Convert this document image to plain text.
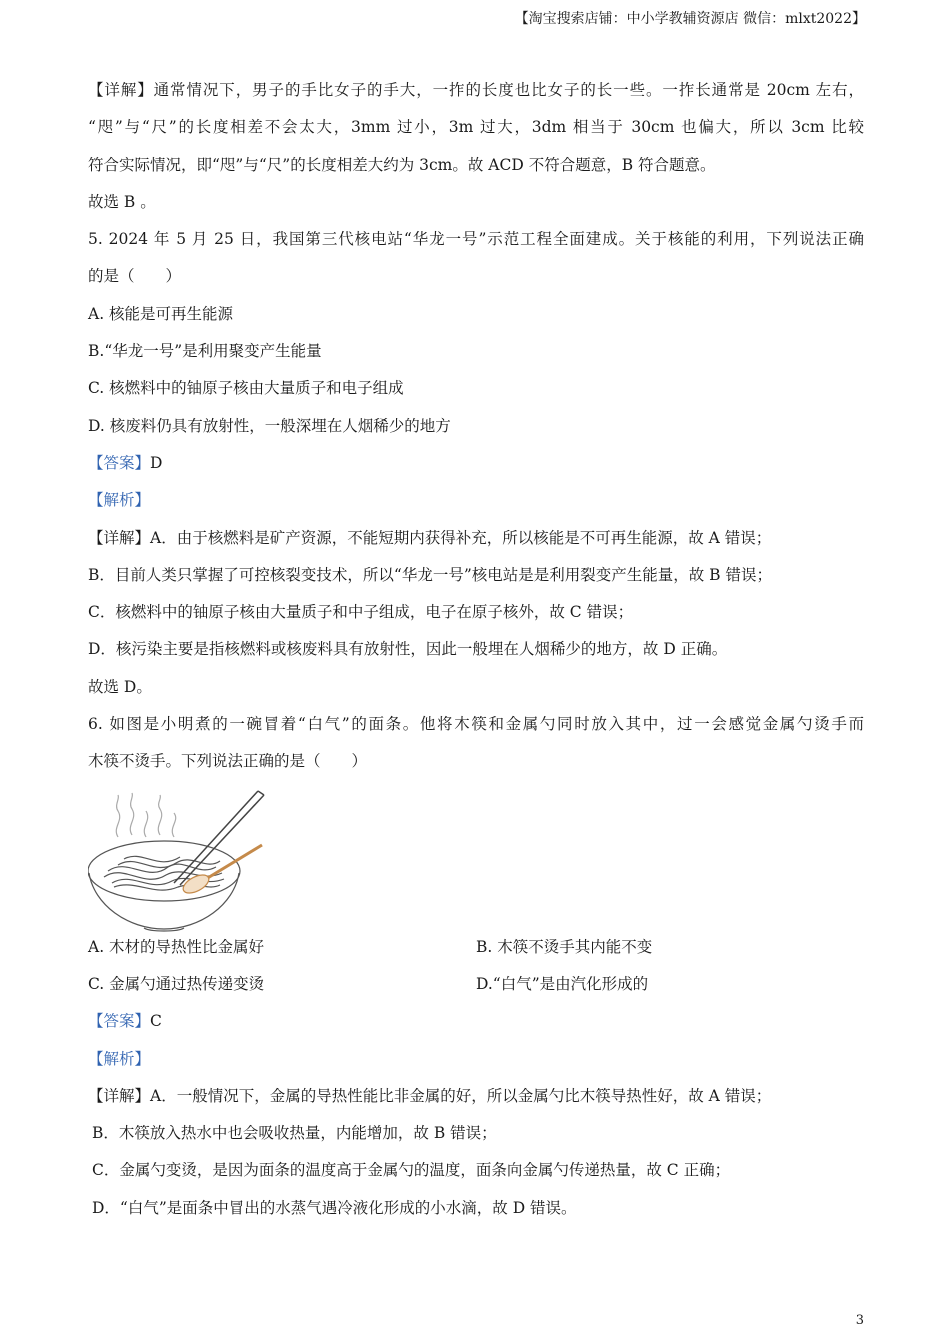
【淘宝搜索店铺：中小学教辅资源店 微信：mlxt2022】
【详解】通常情况下，男子的手比女子的手大，一拃的长度也比女子的长一些。一拃长通常是 20cm 左右，
“咫”与“尺”的长度相差不会太大，3mm 过小，3m 过大，3dm 相当于 30cm 也偏大，所以 3cm 比较
符合实际情况，即“咫”与“尺”的长度相差大约为 3cm。故 ACD 不符合题意，B 符合题意。
故选 B 。
5. 2024 年 5 月 25 日，我国第三代核电站“华龙一号”示范工程全面建成。关于核能的利用，下列说法正确
的是（　　）
A. 核能是可再生能源
B.“华龙一号”是利用聚变产生能量
C. 核燃料中的铀原子核由大量质子和电子组成
D. 核废料仍具有放射性，一般深埋在人烟稀少的地方
【答案】D
【解析】
【详解】A．由于核燃料是矿产资源，不能短期内获得补充，所以核能是不可再生能源，故 A 错误；
B．目前人类只掌握了可控核裂变技术，所以“华龙一号”核电站是是利用裂变产生能量，故 B 错误；
C．核燃料中的铀原子核由大量质子和中子组成，电子在原子核外，故 C 错误；
D．核污染主要是指核燃料或核废料具有放射性，因此一般埋在人烟稀少的地方，故 D 正确。
故选 D。
6. 如图是小明煮的一碗冒着“白气”的面条。他将木筷和金属勺同时放入其中，过一会感觉金属勺烫手而
木筷不烫手。下列说法正确的是（　　）
A. 木材的导热性比金属好	B. 木筷不烫手其内能不变
C. 金属勺通过热传递变烫	D.“白气”是由汽化形成的
【答案】C
【解析】
【详解】A．一般情况下，金属的导热性能比非金属的好，所以金属勺比木筷导热性好，故 A 错误；
B．木筷放入热水中也会吸收热量，内能增加，故 B 错误；
C．金属勺变烫，是因为面条的温度高于金属勺的温度，面条向金属勺传递热量，故 C 正确；
D．“白气”是面条中冒出的水蒸气遇冷液化形成的小水滴，故 D 错误。
3
